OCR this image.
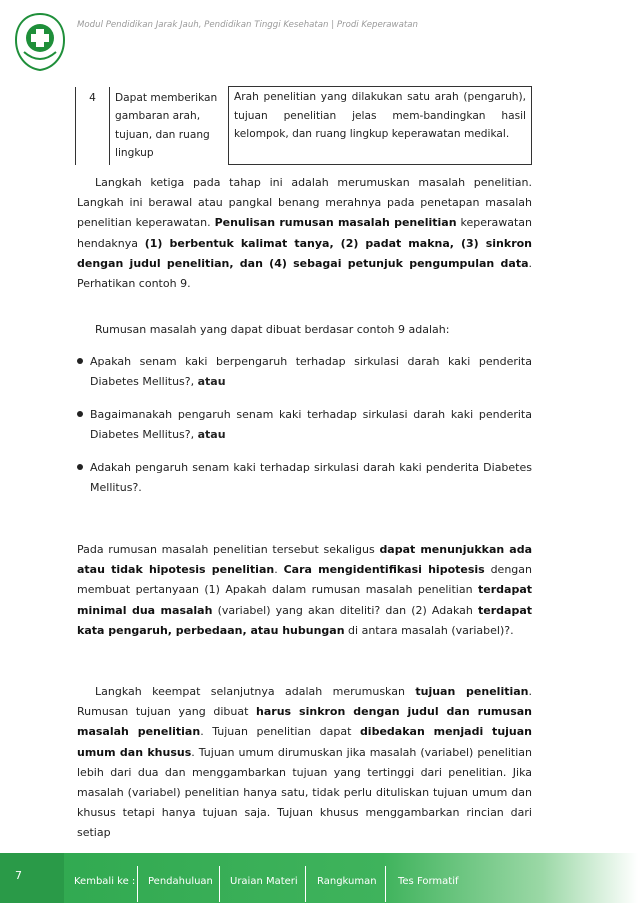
Modul Pendidikan Jarak Jauh, Pendidikan Tinggi Kesehatan | Prodi Keperawatan
4	Dapat memberikan gambaran arah, tujuan, dan ruang lingkup	Arah penelitian yang dilakukan satu arah (pengaruh), tujuan penelitian jelas mem-bandingkan hasil kelompok, dan ruang lingkup keperawatan medikal.
Langkah ketiga pada tahap ini adalah merumuskan masalah penelitian. Langkah ini berawal atau pangkal benang merahnya pada penetapan masalah penelitian keperawatan. Penulisan rumusan masalah penelitian keperawatan hendaknya (1) berbentuk kalimat tanya, (2) padat makna, (3) sinkron dengan judul penelitian, dan (4) sebagai petunjuk pengumpulan data. Perhatikan contoh 9.
Rumusan masalah yang dapat dibuat berdasar contoh 9 adalah:
Apakah senam kaki berpengaruh terhadap sirkulasi darah kaki penderita Diabetes Mellitus?, atau
Bagaimanakah pengaruh senam kaki terhadap sirkulasi darah kaki penderita Diabetes Mellitus?, atau
Adakah pengaruh senam kaki terhadap sirkulasi darah kaki penderita Diabetes Mellitus?.
Pada rumusan masalah penelitian tersebut sekaligus dapat menunjukkan ada atau tidak hipotesis penelitian. Cara mengidentifikasi hipotesis dengan membuat pertanyaan (1) Apakah dalam rumusan masalah penelitian terdapat minimal dua masalah (variabel) yang akan diteliti? dan (2) Adakah terdapat kata pengaruh, perbedaan, atau hubungan di antara masalah (variabel)?.
Langkah keempat selanjutnya adalah merumuskan tujuan penelitian. Rumusan tujuan yang dibuat harus sinkron dengan judul dan rumusan masalah penelitian. Tujuan penelitian dapat dibedakan menjadi tujuan umum dan khusus. Tujuan umum dirumuskan jika masalah (variabel) penelitian lebih dari dua dan menggambarkan tujuan yang tertinggi dari penelitian. Jika masalah (variabel) penelitian hanya satu, tidak perlu dituliskan tujuan umum dan khusus tetapi hanya tujuan saja. Tujuan khusus menggambarkan rincian dari setiap
7	Kembali ke : Pendahuluan Uraian Materi Rangkuman Tes Formatif
